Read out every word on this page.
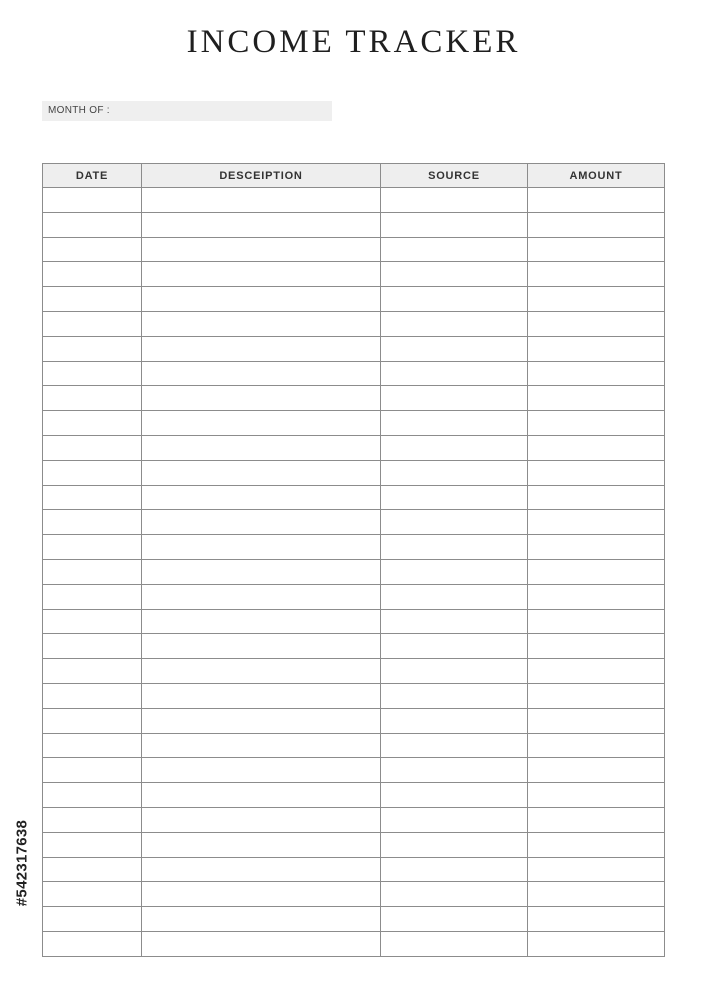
INCOME TRACKER
MONTH OF :
DATE	DESCEIPTION	SOURCE	AMOUNT

#542317638
